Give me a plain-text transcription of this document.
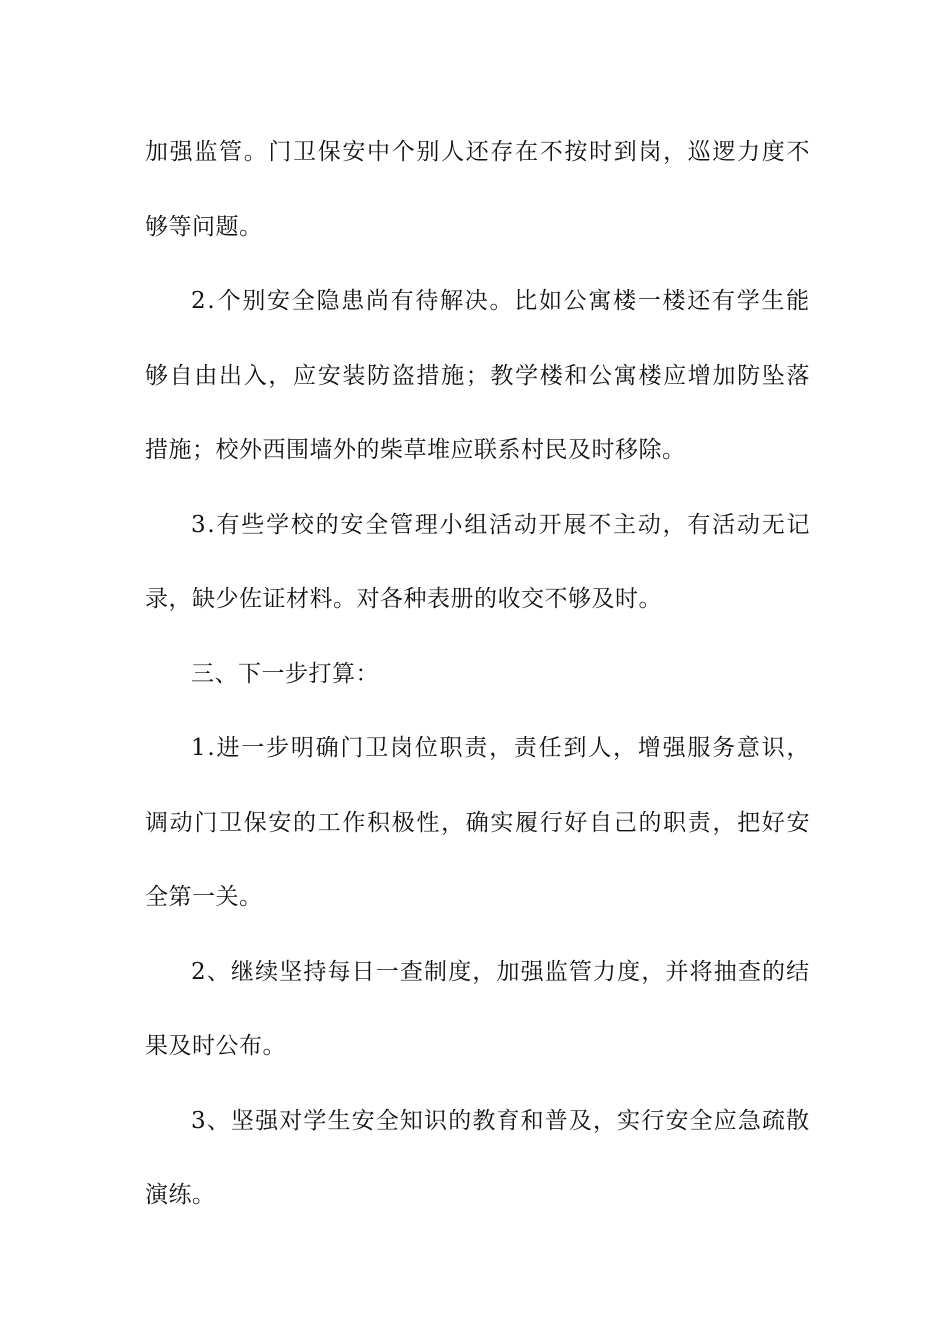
加 强 监 管 。 门 卫 保 安 中 个 别 人 还 存 在 不 按 时 到 岗 ， 巡 逻 力 度 不
够等问题。
2 . 个 别 安 全 隐 患 尚 有 待 解 决 。 比 如 公 寓 楼 一 楼 还 有 学 生 能
够 自 由 出 入 ， 应 安 装 防 盗 措 施 ； 教 学 楼 和 公 寓 楼 应 增 加 防 坠 落
措施；校外西围墙外的柴草堆应联系村民及时移除。
3 . 有 些 学 校 的 安 全 管 理 小 组 活 动 开 展 不 主 动 ， 有 活 动 无 记
录，缺少佐证材料。对各种表册的收交不够及时。
三、下一步打算：
1 . 进 一 步 明 确 门 卫 岗 位 职 责 ， 责 任 到 人 ， 增 强 服 务 意 识 ，
调 动 门 卫 保 安 的 工 作 积 极 性 ， 确 实 履 行 好 自 己 的 职 责 ， 把 好 安
全第一关。
2 、 继 续 坚 持 每 日 一 查 制 度 ， 加 强 监 管 力 度 ， 并 将 抽 查 的 结
果及时公布。
3 、 坚 强 对 学 生 安 全 知 识 的 教 育 和 普 及 ， 实 行 安 全 应 急 疏 散
演练。
